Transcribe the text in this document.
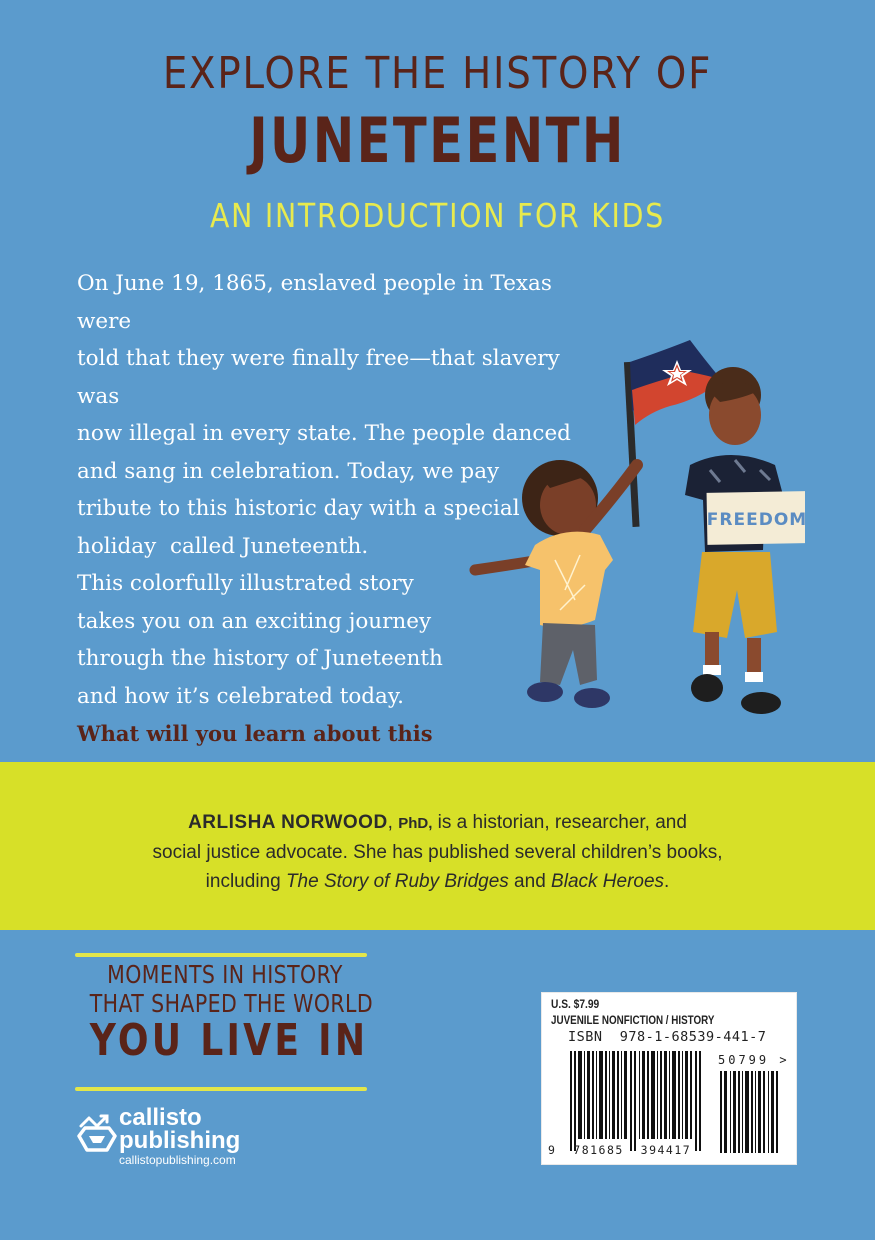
EXPLORE THE HISTORY OF
JUNETEENTH
AN INTRODUCTION FOR KIDS

On June 19, 1865, enslaved people in Texas were

told that they were finally free—that slavery was

now illegal in every state. The people danced

and sang in celebration. Today, we pay

tribute to this historic day with a special

holiday  called Juneteenth.

This colorfully illustrated story

takes you on an exciting journey

through the history of Juneteenth

and how it’s celebrated today.

What will you learn about this

FREEDOM
ARLISHA NORWOOD, PhD, is a historian, researcher, and
social justice advocate. She has published several children’s books,
including The Story of Ruby Bridges and Black Heroes.
MOMENTS IN HISTORY
THAT SHAPED THE WORLD
YOU LIVE IN
callisto
publishing
callistopublishing.com
U.S. $7.99
JUVENILE NONFICTION / HISTORY
ISBN  978-1-68539-441-7
50799 >
9  781685  394417
